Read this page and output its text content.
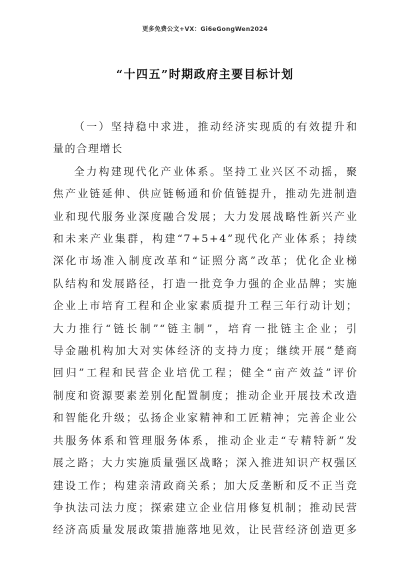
更多免费公文+VX：Gi6eGongWen2024
“十四五”时期政府主要目标计划
（一）坚持稳中求进，推动经济实现质的有效提升和
量的合理增长
全力构建现代化产业体系。坚持工业兴区不动摇，聚
焦产业链延伸、供应链畅通和价值链提升，推动先进制造
业和现代服务业深度融合发展；大力发展战略性新兴产业
和未来产业集群，构建“7+5+4”现代化产业体系；持续
深化市场准入制度改革和“证照分离”改革；优化企业梯
队结构和发展路径，打造一批竞争力强的企业品牌；实施
企业上市培育工程和企业家素质提升工程三年行动计划；
大力推行“链长制”“链主制”，培育一批链主企业；引
导金融机构加大对实体经济的支持力度；继续开展“楚商
回归”工程和民营企业培优工程；健全“亩产效益”评价
制度和资源要素差别化配置制度；推动企业开展技术改造
和智能化升级；弘扬企业家精神和工匠精神；完善企业公
共服务体系和管理服务体系，推动企业走“专精特新”发
展之路；大力实施质量强区战略；深入推进知识产权强区
建设工作；构建亲清政商关系；加大反垄断和反不正当竞
争执法司法力度；探索建立企业信用修复机制；推动民营
经济高质量发展政策措施落地见效，让民营经济创造更多
